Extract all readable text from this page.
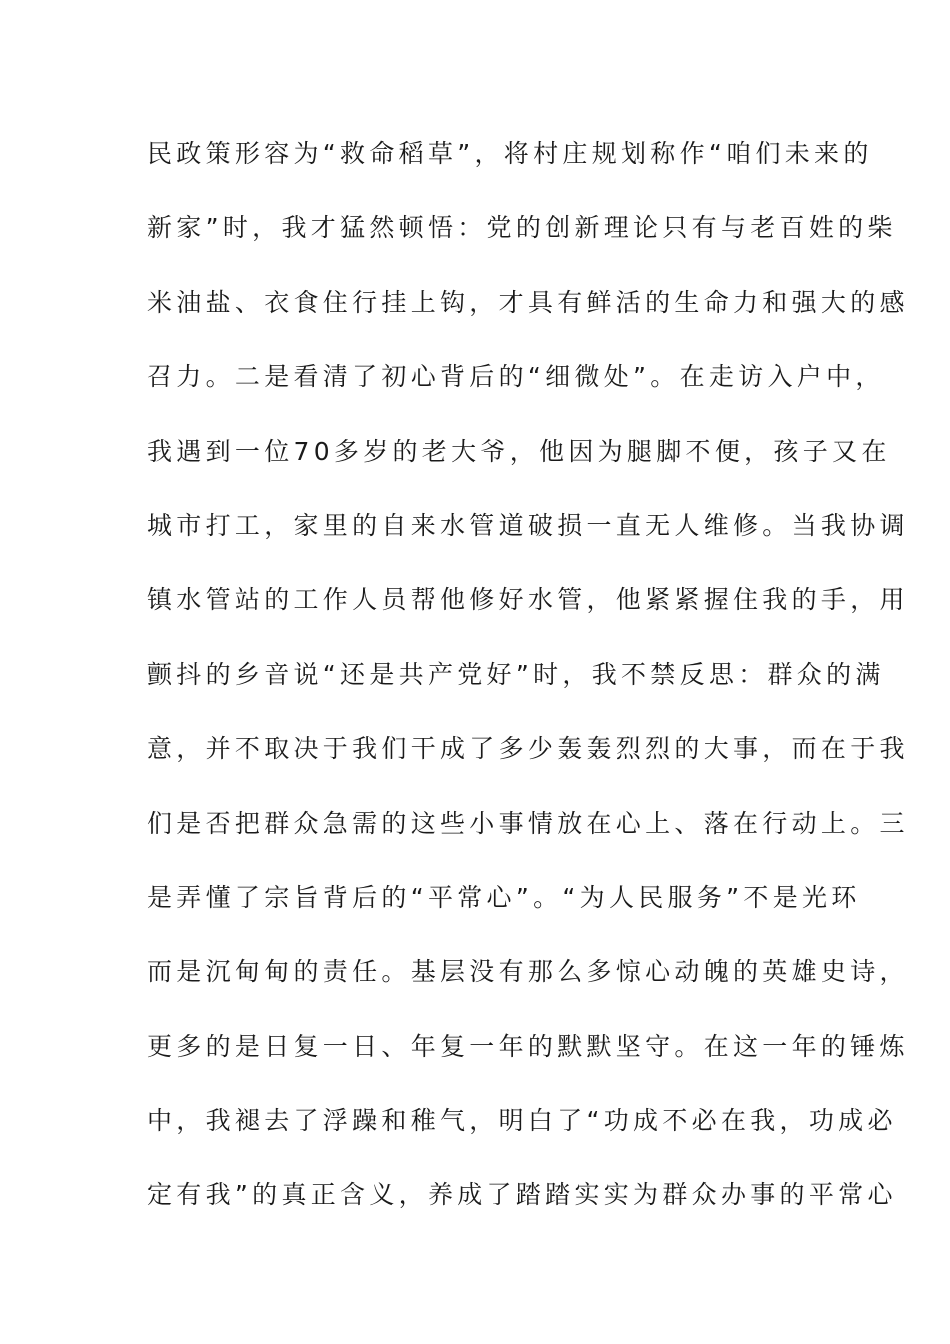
民政策形容为“救命稻草”，将村庄规划称作“咱们未来的
新家”时，我才猛然顿悟：党的创新理论只有与老百姓的柴
米油盐、衣食住行挂上钩，才具有鲜活的生命力和强大的感
召力。二是看清了初心背后的“细微处”。在走访入户中，
我遇到一位70多岁的老大爷，他因为腿脚不便，孩子又在
城市打工，家里的自来水管道破损一直无人维修。当我协调
镇水管站的工作人员帮他修好水管，他紧紧握住我的手，用
颤抖的乡音说“还是共产党好”时，我不禁反思：群众的满
意，并不取决于我们干成了多少轰轰烈烈的大事，而在于我
们是否把群众急需的这些小事情放在心上、落在行动上。三
是弄懂了宗旨背后的“平常心”。“为人民服务”不是光环
而是沉甸甸的责任。基层没有那么多惊心动魄的英雄史诗，
更多的是日复一日、年复一年的默默坚守。在这一年的锤炼
中，我褪去了浮躁和稚气，明白了“功成不必在我，功成必
定有我”的真正含义，养成了踏踏实实为群众办事的平常心
